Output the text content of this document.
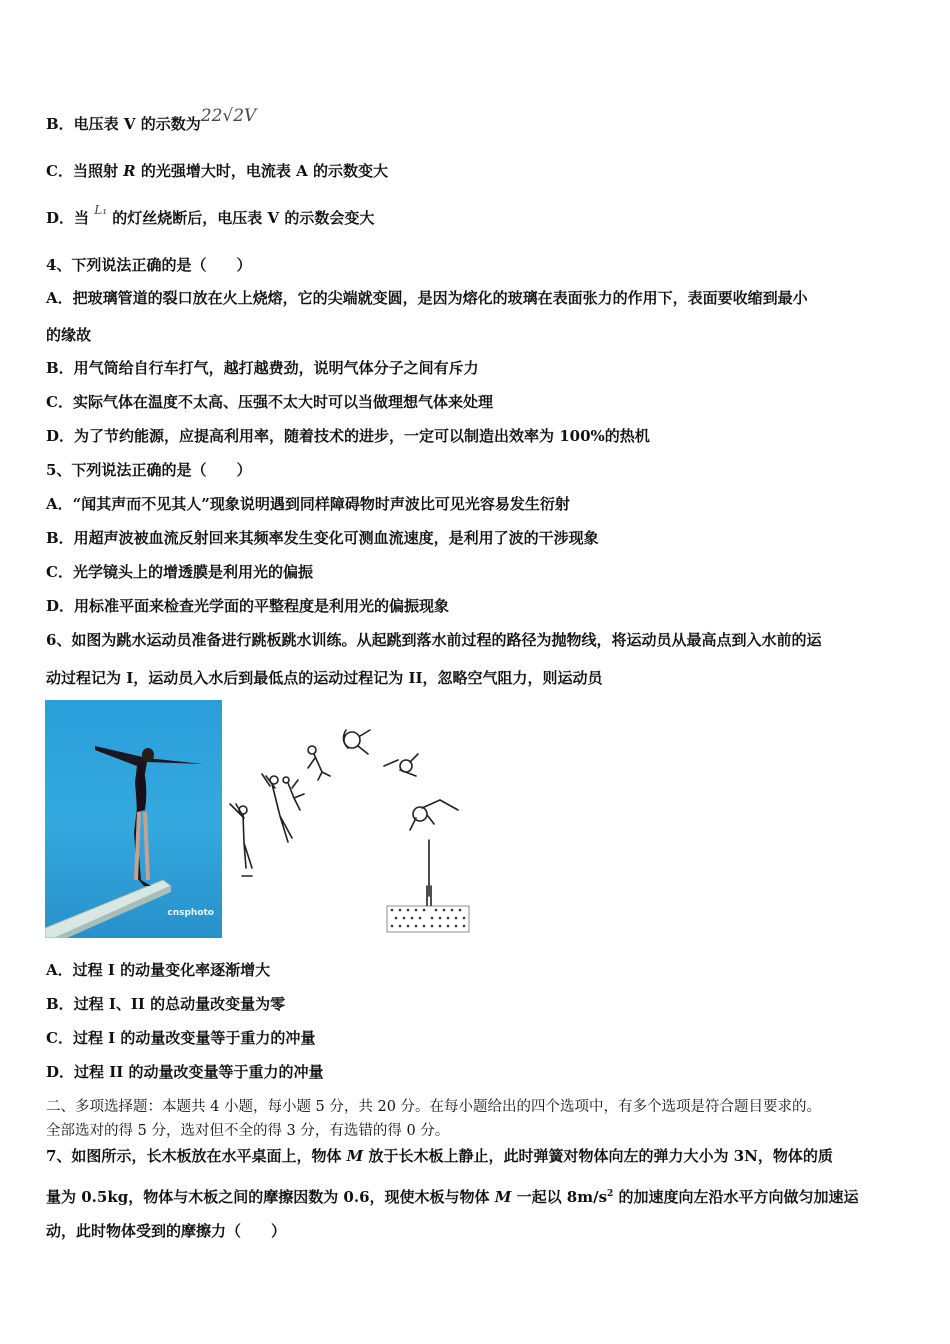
B．电压表 V 的示数为22√2V
C．当照射 R 的光强增大时，电流表 A 的示数变大
D．当 $^{L_1}$ 的灯丝烧断后，电压表 V 的示数会变大
4、下列说法正确的是（　　）
A．把玻璃管道的裂口放在火上烧熔，它的尖端就变圆，是因为熔化的玻璃在表面张力的作用下，表面要收缩到最小
的缘故
B．用气筒给自行车打气，越打越费劲，说明气体分子之间有斥力
C．实际气体在温度不太高、压强不太大时可以当做理想气体来处理
D．为了节约能源，应提高利用率，随着技术的进步，一定可以制造出效率为 100%的热机
5、下列说法正确的是（　　）
A．“闻其声而不见其人”现象说明遇到同样障碍物时声波比可见光容易发生衍射
B．用超声波被血流反射回来其频率发生变化可测血流速度，是利用了波的干涉现象
C．光学镜头上的增透膜是利用光的偏振
D．用标准平面来检查光学面的平整程度是利用光的偏振现象
6、如图为跳水运动员准备进行跳板跳水训练。从起跳到落水前过程的路径为抛物线，将运动员从最高点到入水前的运
动过程记为 I，运动员入水后到最低点的运动过程记为 II，忽略空气阻力，则运动员
cnsphoto
A．过程 I 的动量变化率逐渐增大
B．过程 I、II 的总动量改变量为零
C．过程 I 的动量改变量等于重力的冲量
D．过程 II 的动量改变量等于重力的冲量
二、多项选择题：本题共 4 小题，每小题 5 分，共 20 分。在每小题给出的四个选项中，有多个选项是符合题目要求的。
全部选对的得 5 分，选对但不全的得 3 分，有选错的得 0 分。
7、如图所示，长木板放在水平桌面上，物体 M 放于长木板上静止，此时弹簧对物体向左的弹力大小为 3N，物体的质
量为 0.5kg，物体与木板之间的摩擦因数为 0.6，现使木板与物体 M 一起以 $8m/s^2$ 的加速度向左沿水平方向做匀加速运
动，此时物体受到的摩擦力（　　）
